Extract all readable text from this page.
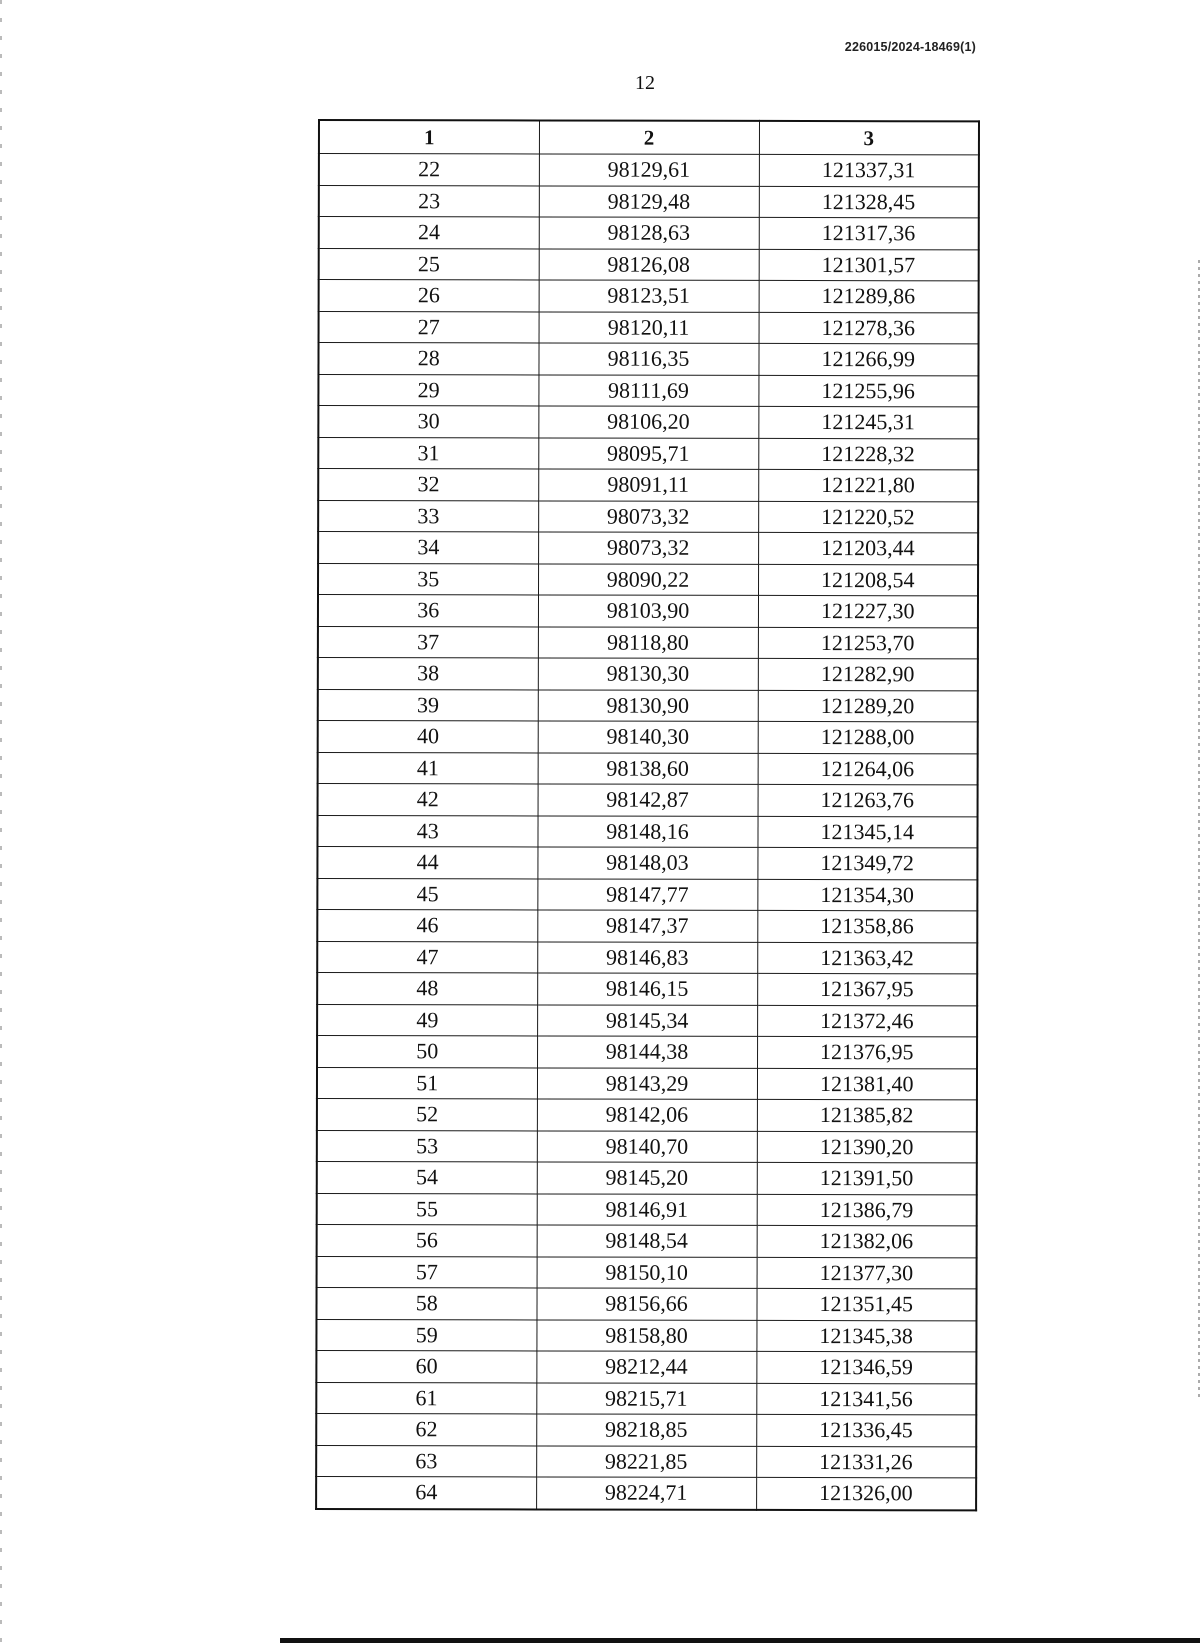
226015/2024-18469(1)
12
1	2	3
22	98129,61	121337,31
23	98129,48	121328,45
24	98128,63	121317,36
25	98126,08	121301,57
26	98123,51	121289,86
27	98120,11	121278,36
28	98116,35	121266,99
29	98111,69	121255,96
30	98106,20	121245,31
31	98095,71	121228,32
32	98091,11	121221,80
33	98073,32	121220,52
34	98073,32	121203,44
35	98090,22	121208,54
36	98103,90	121227,30
37	98118,80	121253,70
38	98130,30	121282,90
39	98130,90	121289,20
40	98140,30	121288,00
41	98138,60	121264,06
42	98142,87	121263,76
43	98148,16	121345,14
44	98148,03	121349,72
45	98147,77	121354,30
46	98147,37	121358,86
47	98146,83	121363,42
48	98146,15	121367,95
49	98145,34	121372,46
50	98144,38	121376,95
51	98143,29	121381,40
52	98142,06	121385,82
53	98140,70	121390,20
54	98145,20	121391,50
55	98146,91	121386,79
56	98148,54	121382,06
57	98150,10	121377,30
58	98156,66	121351,45
59	98158,80	121345,38
60	98212,44	121346,59
61	98215,71	121341,56
62	98218,85	121336,45
63	98221,85	121331,26
64	98224,71	121326,00
